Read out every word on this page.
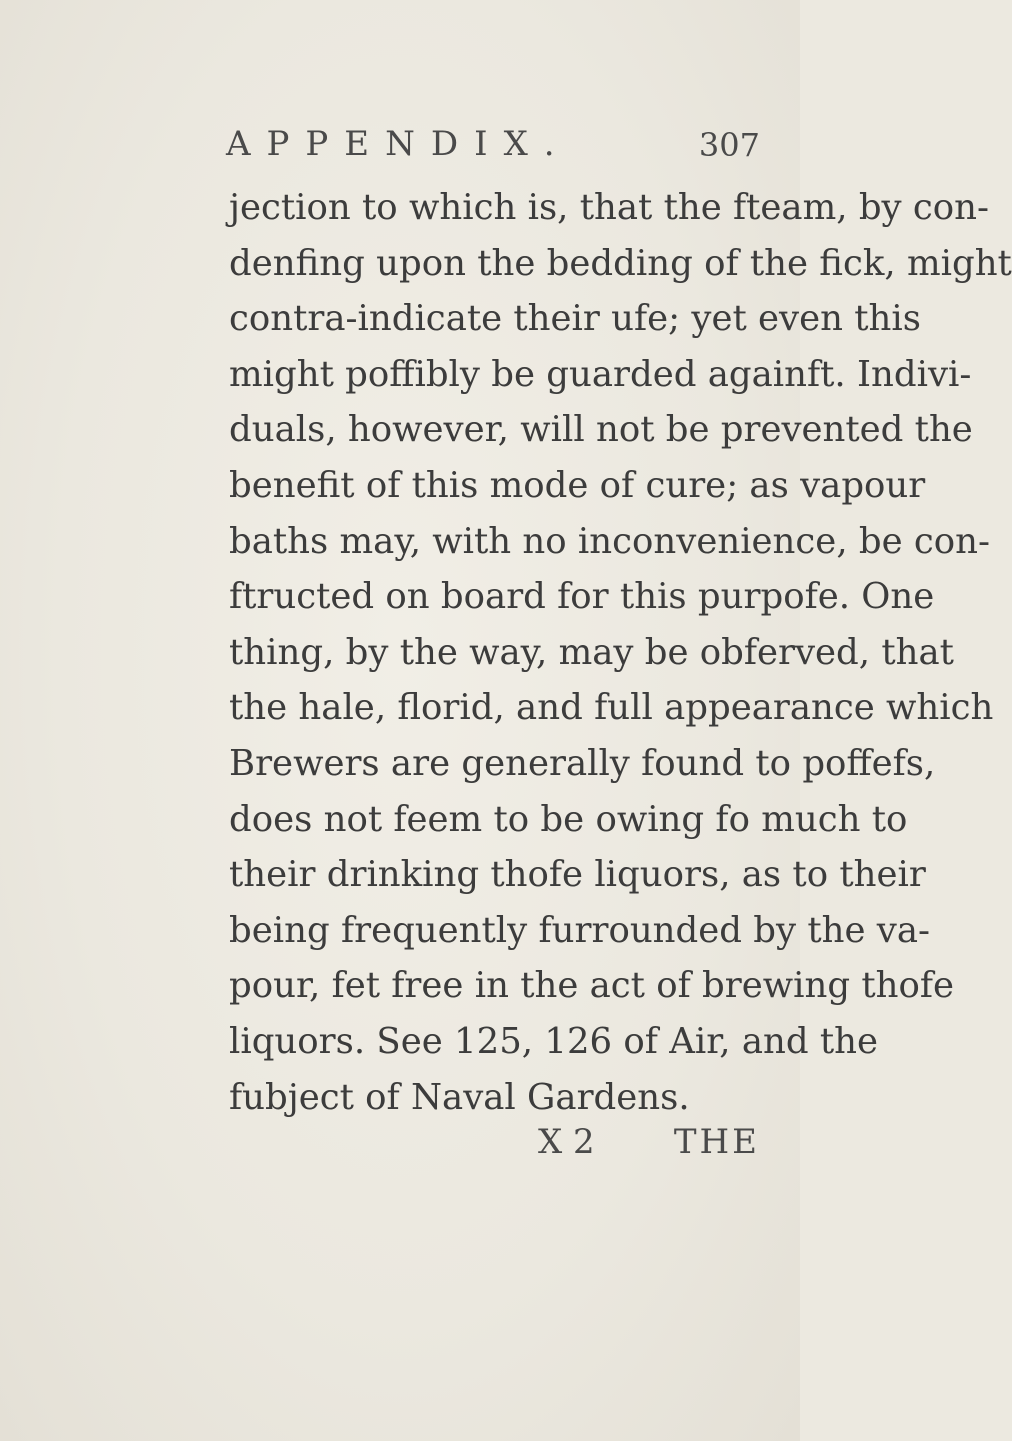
APPENDIX.	307
jection to which is, that the fteam, by con-
denfing upon the bedding of the fick, might
contra-indicate their ufe; yet even this
might poffibly be guarded againft. Indivi-
duals, however, will not be prevented the
benefit of this mode of cure; as vapour
baths may, with no inconvenience, be con-
ftructed on board for this purpofe. One
thing, by the way, may be obferved, that
the hale, florid, and full appearance which
Brewers are generally found to poffefs,
does not feem to be owing fo much to
their drinking thofe liquors, as to their
being frequently furrounded by the va-
pour, fet free in the act of brewing thofe
liquors. See 125, 126 of Air, and the
fubject of Naval Gardens.
X 2 THE
